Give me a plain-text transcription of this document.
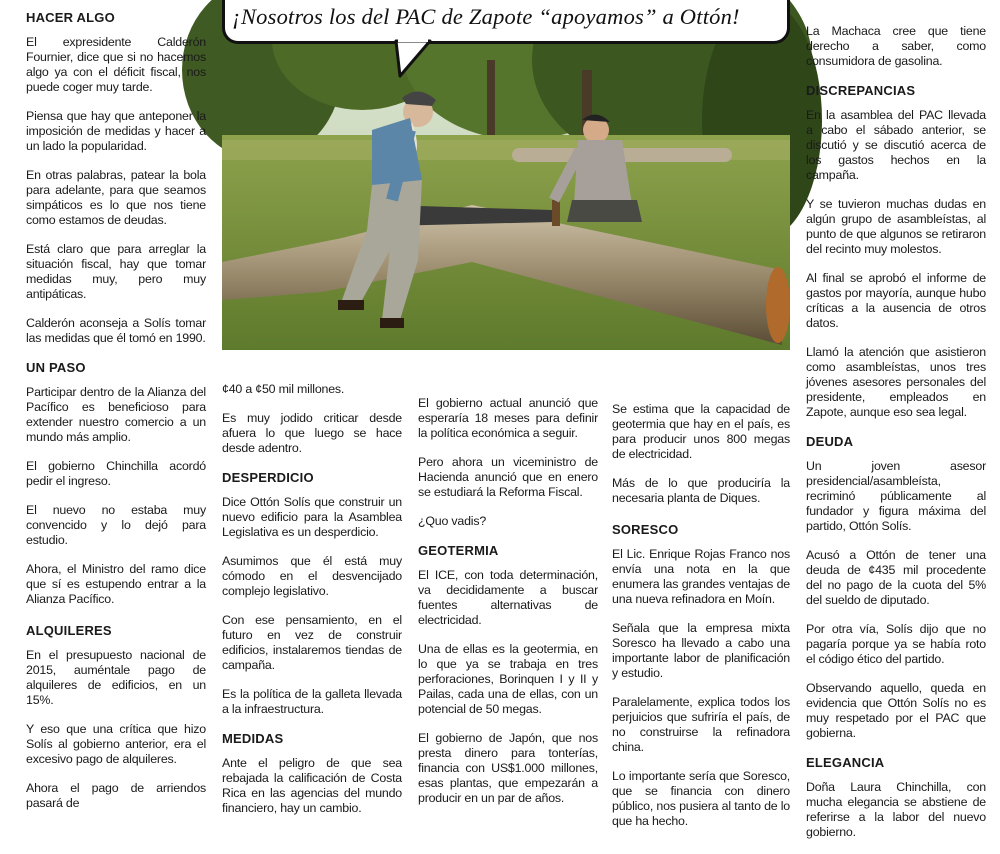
¡Nosotros los del PAC de Zapote “apoyamos” a Ottón!
HACER ALGO

El expresidente Calderón Fournier, dice que si no hacemos algo ya con el déficit fiscal, nos puede coger muy tarde.

Piensa que hay que anteponer la imposición de medidas y hacer a un lado la popularidad.

En otras palabras, patear la bola para adelante, para que seamos simpáticos es lo que nos tiene como estamos de deudas.

Está claro que para arreglar la situación fiscal, hay que tomar medidas muy, pero muy antipáticas.

Calderón aconseja a Solís tomar las medidas que él tomó en 1990.

UN PASO

Participar dentro de la Alianza del Pacífico es beneficioso para extender nuestro comercio a un mundo más amplio.

El gobierno Chinchilla acordó pedir el ingreso.

El nuevo no estaba muy convencido y lo dejó para estudio.

Ahora, el Ministro del ramo dice que sí es estupendo entrar a la Alianza Pacífico.

ALQUILERES

En el presupuesto nacional de 2015, auméntale pago de alquileres de edificios, en un 15%.

Y eso que una crítica que hizo Solís al gobierno anterior, era el excesivo pago de alquileres.

Ahora el pago de arriendos pasará de

¢40 a ¢50 mil millones.

Es muy jodido criticar desde afuera lo que luego se hace desde adentro.

DESPERDICIO

Dice Ottón Solís que construir un nuevo edificio para la Asamblea Legislativa es un desperdicio.

Asumimos que él está muy cómodo en el desvencijado complejo legislativo.

Con ese pensamiento, en el futuro en vez de construir edificios, instalaremos tiendas de campaña.

Es la política de la galleta llevada a la infraestructura.

MEDIDAS

Ante el peligro de que sea rebajada la calificación de Costa Rica en las agencias del mundo financiero, hay un cambio.

El gobierno actual anunció que esperaría 18 meses para definir la política económica a seguir.

Pero ahora un viceministro de Hacienda anunció que en enero se estudiará la Reforma Fiscal.

¿Quo vadis?

GEOTERMIA

El ICE, con toda determinación, va decididamente a buscar fuentes alternativas de electricidad.

Una de ellas es la geotermia, en lo que ya se trabaja en tres perforaciones, Borinquen I y II y Pailas, cada una de ellas, con un potencial de 50 megas.

El gobierno de Japón, que nos presta dinero para tonterías, financia con US$1.000 millones, esas plantas, que empezarán a producir en un par de años.

Se estima que la capacidad de geotermia que hay en el país, es para producir unos 800 megas de electricidad.

Más de lo que produciría la necesaria planta de Diques.

SORESCO

El Lic. Enrique Rojas Franco nos envía una nota en la que enumera las grandes ventajas de una nueva refinadora en Moín.

Señala que la empresa mixta Soresco ha llevado a cabo una importante labor de planificación y estudio.

Paralelamente, explica todos los perjuicios que sufriría el país, de no construirse la refinadora china.

Lo importante sería que Soresco, que se financia con dinero público, nos pusiera al tanto de lo que ha hecho.

La Machaca cree que tiene derecho a saber, como consumidora de gasolina.

DISCREPANCIAS

En la asamblea del PAC llevada a cabo el sábado anterior, se discutió y se discutió acerca de los gastos hechos en la campaña.

Y se tuvieron muchas dudas en algún grupo de asambleístas, al punto de que algunos se retiraron del recinto muy molestos.

Al final se aprobó el informe de gastos por mayoría, aunque hubo críticas a la ausencia de otros datos.

Llamó la atención que asistieron como asambleístas, unos tres jóvenes asesores personales del presidente, empleados en Zapote, aunque eso sea legal.

DEUDA

Un joven asesor presidencial/asambleísta, recriminó públicamente al fundador y figura máxima del partido, Ottón Solís.

Acusó a Ottón de tener una deuda de ¢435 mil procedente del no pago de la cuota del 5% del sueldo de diputado.

Por otra vía, Solís dijo que no pagaría porque ya se había roto el código ético del partido.

Observando aquello, queda en evidencia que Ottón Solís no es muy respetado por el PAC que gobierna.

ELEGANCIA

Doña Laura Chinchilla, con mucha elegancia se abstiene de referirse a la labor del nuevo gobierno.
